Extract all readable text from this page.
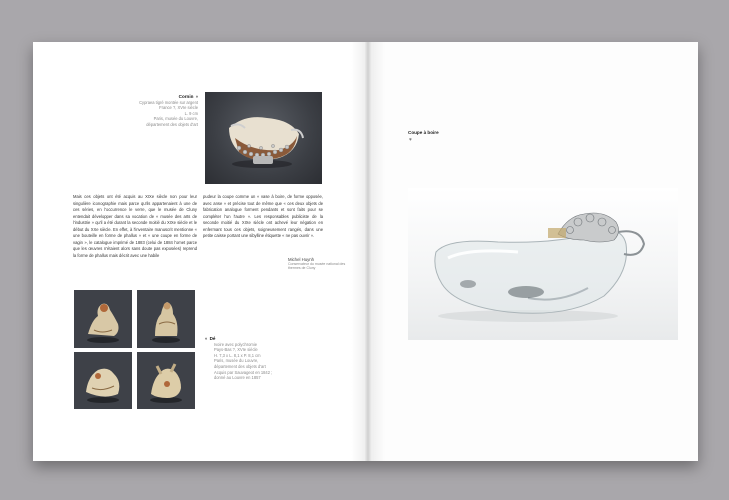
Cornin »
Cypraea tigré montée sur argent
France ?, XVIe siècle
L. 9 cm
Paris, musée du Louvre,
département des objets d'art
Mais ces objets ont été acquis au XIXe siècle non pour leur singulière iconographie mais parce qu'ils appartenaient à une de ces séries, en l'occurrence le verre, que le musée de Cluny entendait développer dans sa vocation de « musée des arts de l'industrie » qu'il a été durant la seconde moitié du XIXe siècle et le début du XXe siècle. En effet, à l'inventaire manuscrit mentionne « une bouteille en forme de phallus » et « une coupe en forme de vagin », le catalogue imprimé de 1883 (celui de 1884 l'omet parce que les œuvres n'étaient alors sans doute pas exposées) reprend la forme de phallus mais décrit avec une habile
pudeur la coupe comme un « vase à boire, de forme opposée, avec anse » et précise tout de même que « ces deux objets de fabrication analogue forment pendants et sont faits pour se compléter l'un l'autre ». Les responsables publiciste de la seconde moitié du XIXe siècle ont achevé leur négation en enfermant tous ces objets, soigneusement rangés, dans une petite caisse portant une sibylline étiquette « ne pas ouvrir ».
Michel Huynh
Conservateur du musée national des thermes de Cluny
« Dé
Ivoire avec polychromie
Pays-Bas ?, XVIe siècle
H. 7,3 x L. 8,1 x P. 8,1 cm
Paris, musée du Louvre,
département des objets d'art
Acquis par Sauvageot en 1842 ;
donné au Louvre en 1857
Coupe à boire
»
